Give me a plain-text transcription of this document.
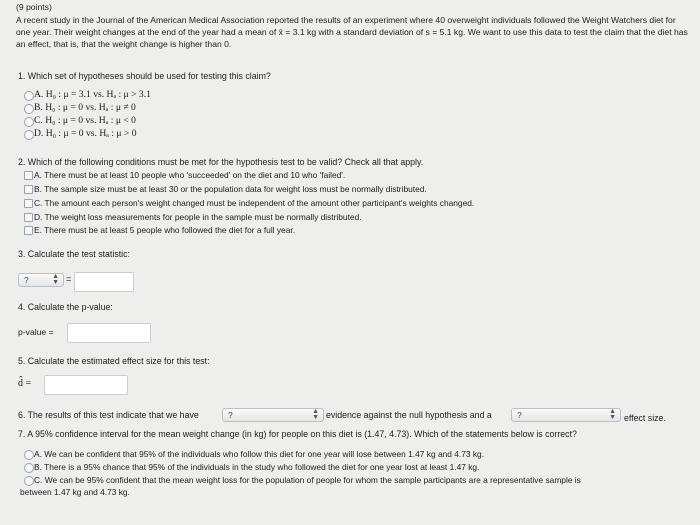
(9 points)
A recent study in the Journal of the American Medical Association reported the results of an experiment where 40 overweight individuals followed the Weight Watchers diet for one year. Their weight changes at the end of the year had a mean of x̄ = 3.1 kg with a standard deviation of s = 5.1 kg. We want to use this data to test the claim that the diet has an effect, that is, that the weight change is higher than 0.
1. Which set of hypotheses should be used for testing this claim?
A. H₀ : μ = 3.1 vs. Hₐ : μ > 3.1
B. H₀ : μ = 0 vs. Hₐ : μ ≠ 0
C. H₀ : μ = 0 vs. Hₐ : μ < 0
D. H₀ : μ = 0 vs. Hₐ : μ > 0
2. Which of the following conditions must be met for the hypothesis test to be valid? Check all that apply.
A. There must be at least 10 people who 'succeeded' on the diet and 10 who 'failed'.
B. The sample size must be at least 30 or the population data for weight loss must be normally distributed.
C. The amount each person's weight changed must be independent of the amount other participant's weights changed.
D. The weight loss measurements for people in the sample must be normally distributed.
E. There must be at least 5 people who followed the diet for a full year.
3. Calculate the test statistic:
?	▲
▼ =
4. Calculate the p-value:
p-value =
5. Calculate the estimated effect size for this test:
d̂ =
6. The results of this test indicate that we have	?	▲
▼ evidence against the null hypothesis and a	?	▲
▼ effect size.
7. A 95% confidence interval for the mean weight change (in kg) for people on this diet is (1.47, 4.73). Which of the statements below is correct?
A. We can be confident that 95% of the individuals who follow this diet for one year will lose between 1.47 kg and 4.73 kg.
B. There is a 95% chance that 95% of the individuals in the study who followed the diet for one year lost at least 1.47 kg.
C. We can be 95% confident that the mean weight loss for the population of people for whom the sample participants are a representative sample is
between 1.47 kg and 4.73 kg.
